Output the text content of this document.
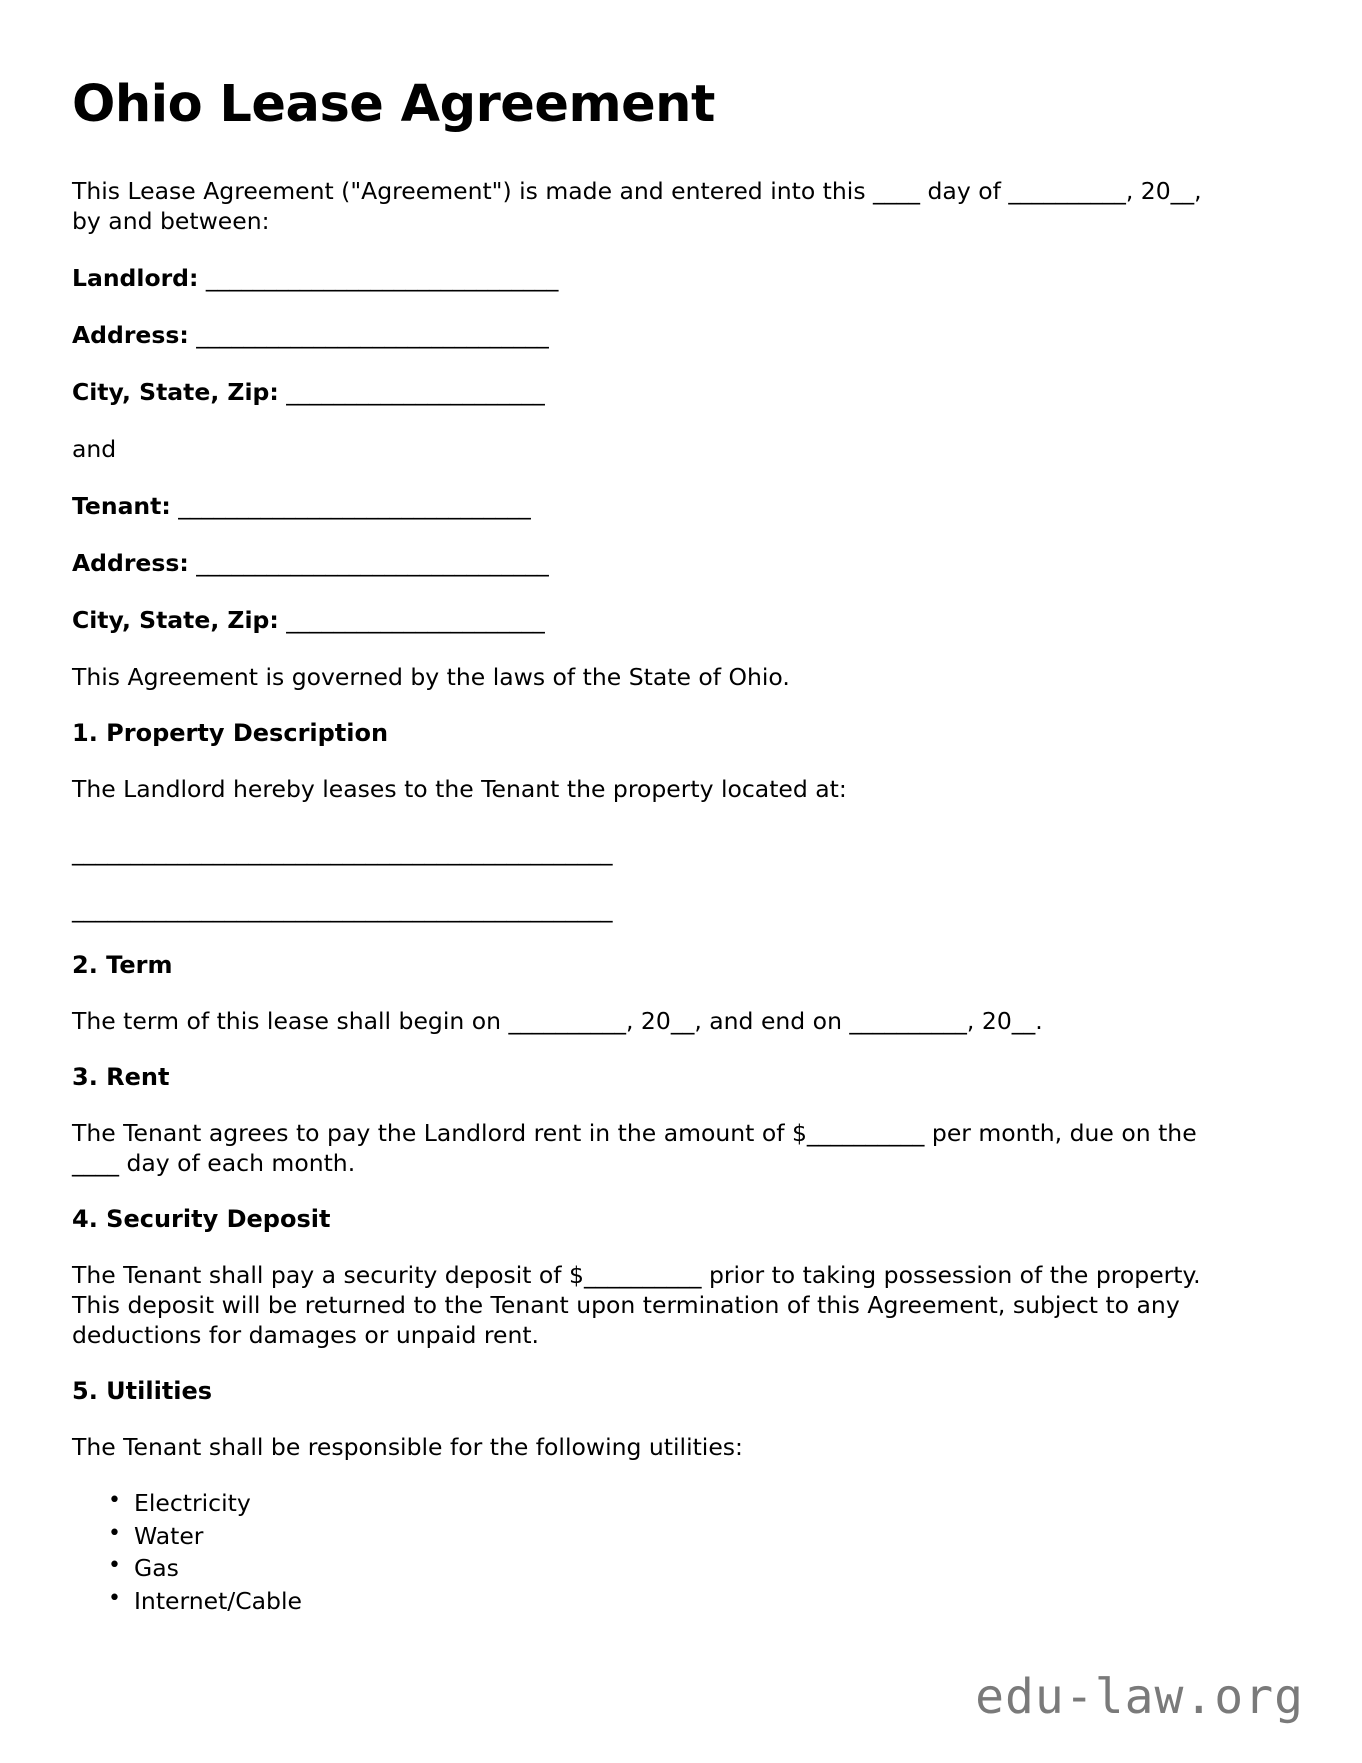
Ohio Lease Agreement

This Lease Agreement ("Agreement") is made and entered into this ____ day of __________, 20__, by and between:

Landlord: ______________________________

Address: ______________________________

City, State, Zip: ______________________

and

Tenant: ______________________________

Address: ______________________________

City, State, Zip: ______________________

This Agreement is governed by the laws of the State of Ohio.

1. Property Description

The Landlord hereby leases to the Tenant the property located at:

______________________________________________

______________________________________________

2. Term

The term of this lease shall begin on __________, 20__, and end on __________, 20__.

3. Rent

The Tenant agrees to pay the Landlord rent in the amount of $__________ per month, due on the ____ day of each month.

4. Security Deposit

The Tenant shall pay a security deposit of $__________ prior to taking possession of the property. This deposit will be returned to the Tenant upon termination of this Agreement, subject to any deductions for damages or unpaid rent.

5. Utilities

The Tenant shall be responsible for the following utilities:

• Electricity
• Water
• Gas
• Internet/Cable
edu-law.org
